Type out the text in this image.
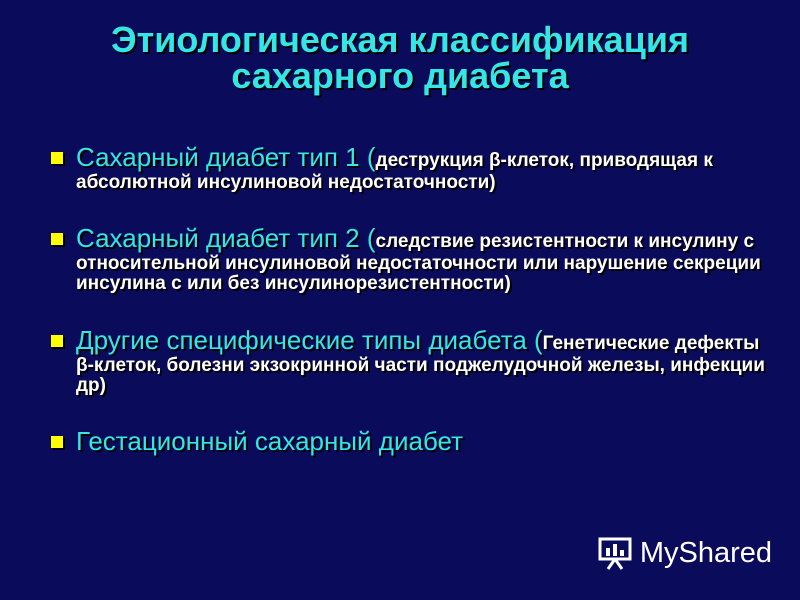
Этиологическая классификация
сахарного диабета
Сахарный диабет тип 1 (деструкция β-клеток, приводящая к абсолютной инсулиновой недостаточности)
Сахарный диабет тип 2 (следствие резистентности к инсулину с относительной инсулиновой недостаточности или нарушение секреции инсулина с или без инсулинорезистентности)
Другие специфические типы диабета (Генетические дефекты β-клеток, болезни экзокринной части поджелудочной железы, инфекции др)
Гестационный сахарный диабет
MyShared
